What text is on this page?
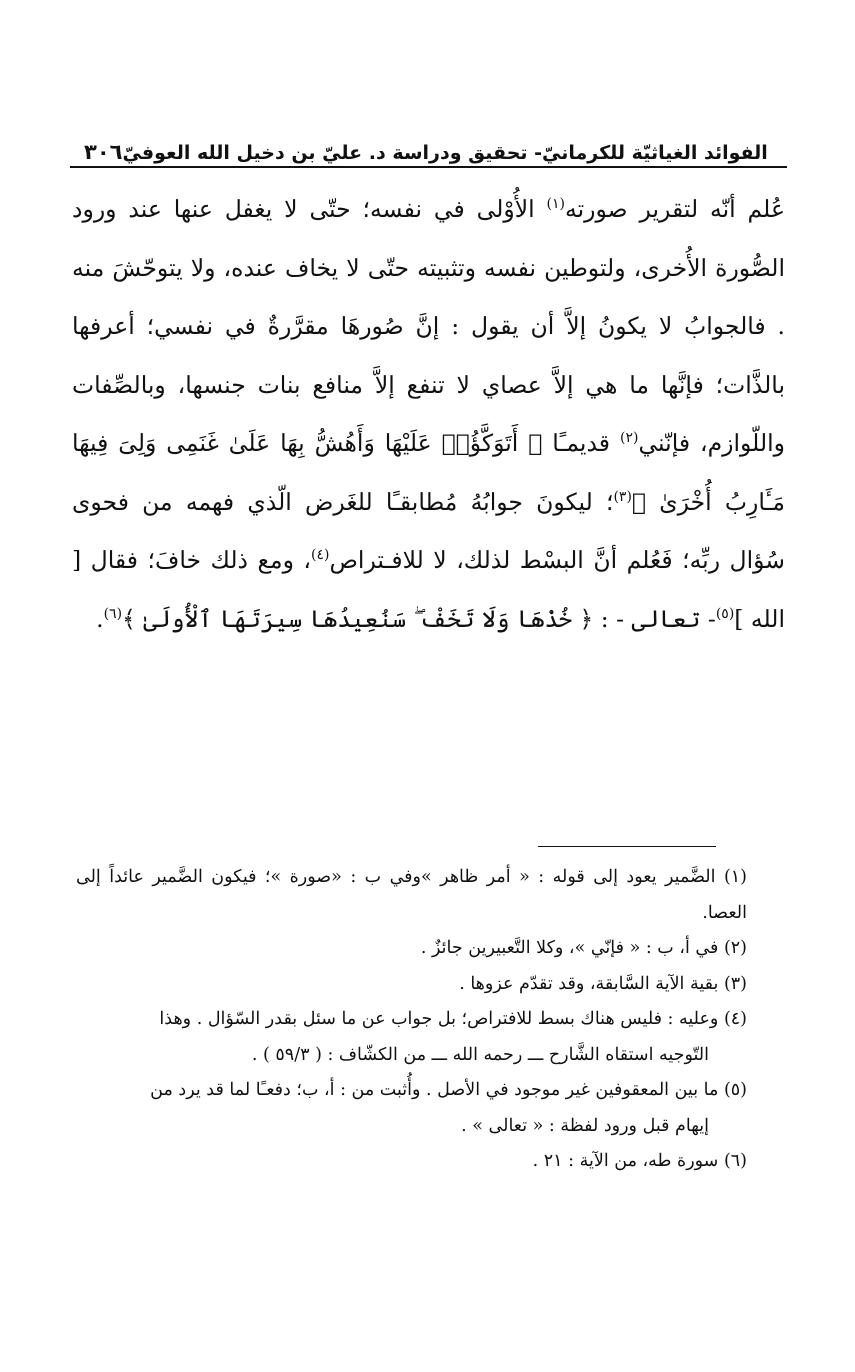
٣٠٦ الفوائد الغياثيّة للكرمانيّ- تحقيق ودراسة د. عليّ بن دخيل الله العوفيّ

عُلم أنّه لتقرير صورته$^{(١)}$ الأُوْلى في نفسه؛ حتّى لا يغفل عنها عند ورود الصُّورة الأُخرى، ولتوطين نفسه وتثبيته حتّى لا يخاف عنده، ولا يتوحّشَ منه . فالجوابُ لا يكونُ إلاَّ أن يقول : إنَّ صُورهَا مقرَّرةٌ في نفسي؛ أعرفها بالذَّات؛ فإنَّها ما هي إلاَّ عصاي لا تنفع إلاَّ منافع بنات جنسها، وبالصِّفات واللّوازم، فإنّني$^{(٢)}$ قديمـًا ﴿ أَتَوَكَّؤُا۟ عَلَيْهَا وَأَهُشُّ بِهَا عَلَىٰ غَنَمِى وَلِىَ فِيهَا مَـَٔارِبُ أُخْرَىٰ ﴾$^{(٣)}$؛ ليكونَ جوابُهُ مُطابقـًا للغَرض الّذي فهمه من فحوى سُؤال ربِّه؛ فَعُلم أنَّ البسْط لذلك، لا للافـتراص$^{(٤)}$، ومع ذلك خافَ؛ فقال [ الله ]$^{(٥)}$- تعالى - : ﴿ خُذْهَا وَلَا تَخَفْ ۖ سَنُعِيدُهَا سِيرَتَهَا ٱلْأُولَىٰ ﴾$^{(٦)}$.

(١) الضَّمير يعود إلى قوله : « أمر ظاهر »وفي ب : «صورة »؛ فيكون الضَّمير عائداً إلى العصا.

(٢) في أ، ب : « فإنّي »، وكلا التَّعبيرين جائزٌ .

(٣) بقية الآية السَّابقة، وقد تقدّم عزوها .

(٤) وعليه : فليس هناك بسط للافتراص؛ بل جواب عن ما سئل بقدر السّؤال . وهذا
التّوجيه استقاه الشَّارح ـــ رحمه الله ـــ من الكشّاف : ( ٥٩/٣ ) .

(٥) ما بين المعقوفين غير موجود في الأصل . وأُثبت من : أ، ب؛ دفعـًا لما قد يرد من
إيهام قبل ورود لفظة : « تعالى » .

(٦) سورة طه، من الآية : ٢١ .
